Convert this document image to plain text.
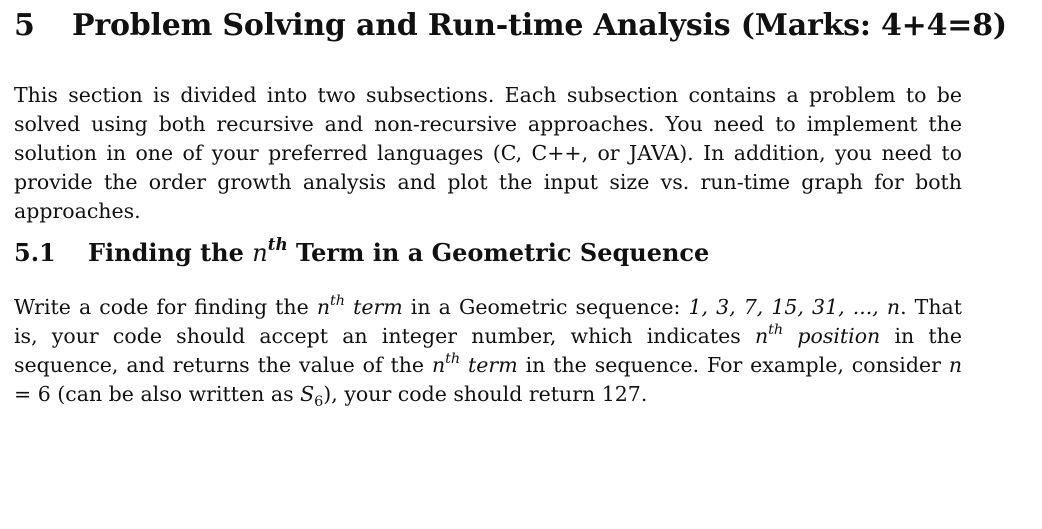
5 Problem Solving and Run-time Analysis (Marks: 4+4=8)

This section is divided into two subsections. Each subsection contains a problem to be solved using both recursive and non-recursive approaches. You need to implement the solution in one of your preferred languages (C, C++, or JAVA). In addition, you need to provide the order growth analysis and plot the input size vs. run-time graph for both approaches.

5.1 Finding the $n^{th}$ Term in a Geometric Sequence

Write a code for finding the $n^{th}$ term in a Geometric sequence: 1, 3, 7, 15, 31, ..., n. That is, your code should accept an integer number, which indicates $n^{th}$ position in the sequence, and returns the value of the $n^{th}$ term in the sequence. For example, consider n = 6 (can be also written as $S_6$), your code should return 127.
